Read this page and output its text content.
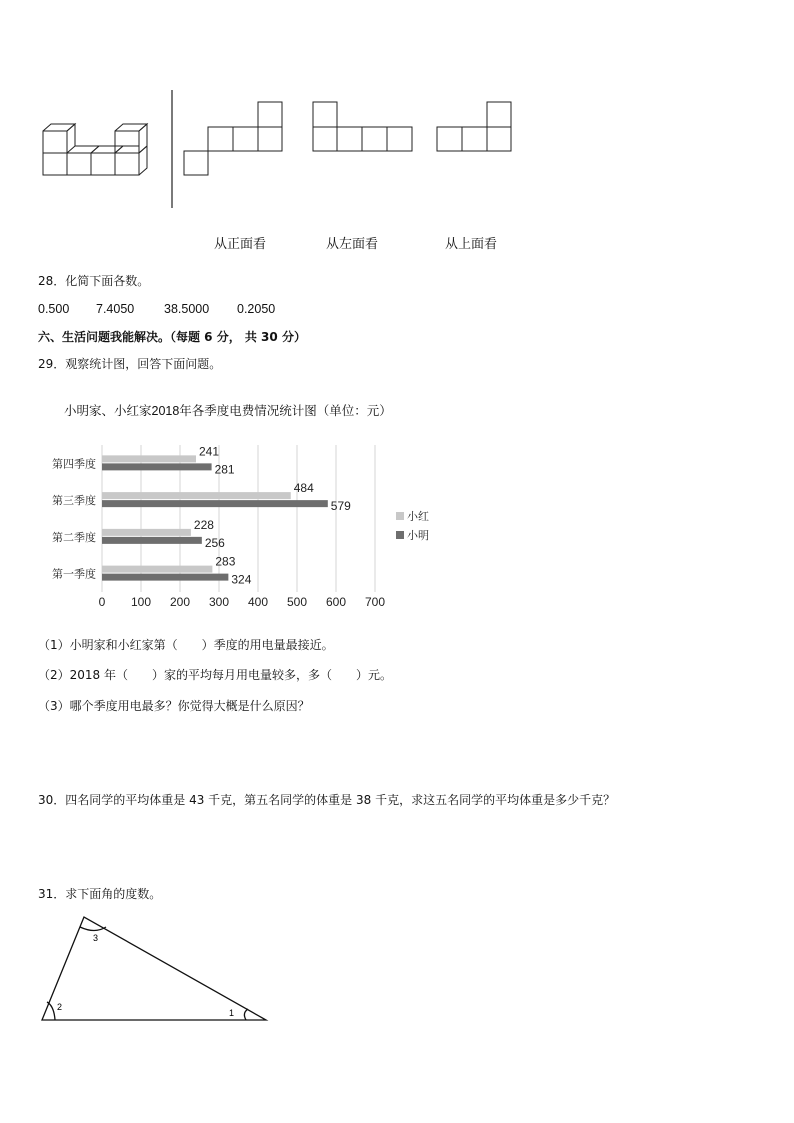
从正面看	从左面看	从上面看
28．化简下面各数。
0.500 7.4050 38.5000 0.2050
六、生活问题我能解决。（每题 6 分， 共 30 分）
29．观察统计图，回答下面问题。
小明家、小红家2018年各季度电费情况统计图（单位：元）
0 100 200 300 400 500 600 700
第四季度
241
281
第三季度
484
579
第二季度
228
256
第一季度
283
324
小红
小明
（1）小明家和小红家第（　　）季度的用电量最接近。
（2）2018 年（　　）家的平均每月用电量较多，多（　　）元。
（3）哪个季度用电最多？你觉得大概是什么原因？
30．四名同学的平均体重是 43 千克，第五名同学的体重是 38 千克，求这五名同学的平均体重是多少千克？
31．求下面角的度数。
3
2
1
